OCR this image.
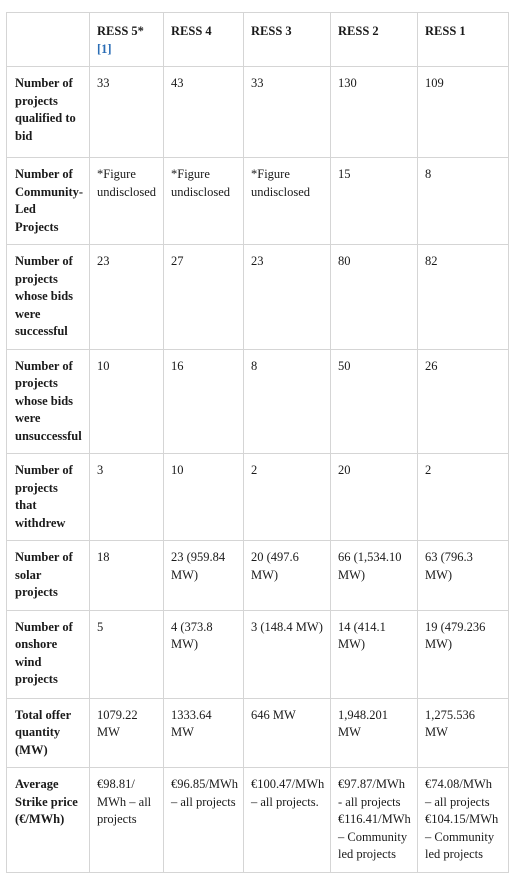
	RESS 5*[1]	RESS 4	RESS 3	RESS 2	RESS 1
Number of projects qualified to bid	33	43	33	130	109
Number of Community-Led Projects	*Figure undisclosed	*Figure undisclosed	*Figure undisclosed	15	8
Number of projects whose bids were successful	23	27	23	80	82
Number of projects whose bids were unsuccessful	10	16	8	50	26
Number of projects that withdrew	3	10	2	20	2
Number of solar projects	18	23 (959.84 MW)	20 (497.6 MW)	66 (1,534.10 MW)	63 (796.3 MW)
Number of onshore wind projects	5	4 (373.8 MW)	3 (148.4 MW)	14 (414.1 MW)	19 (479.236 MW)
Total offer quantity (MW)	1079.22 MW	1333.64 MW	646 MW	1,948.201 MW	1,275.536 MW
Average Strike price (€/MWh)	€98.81/ MWh – all projects	€96.85/MWh – all projects	€100.47/MWh – all projects.	€97.87/MWh - all projects €116.41/MWh – Community led projects	€74.08/MWh – all projects €104.15/MWh – Community led projects
